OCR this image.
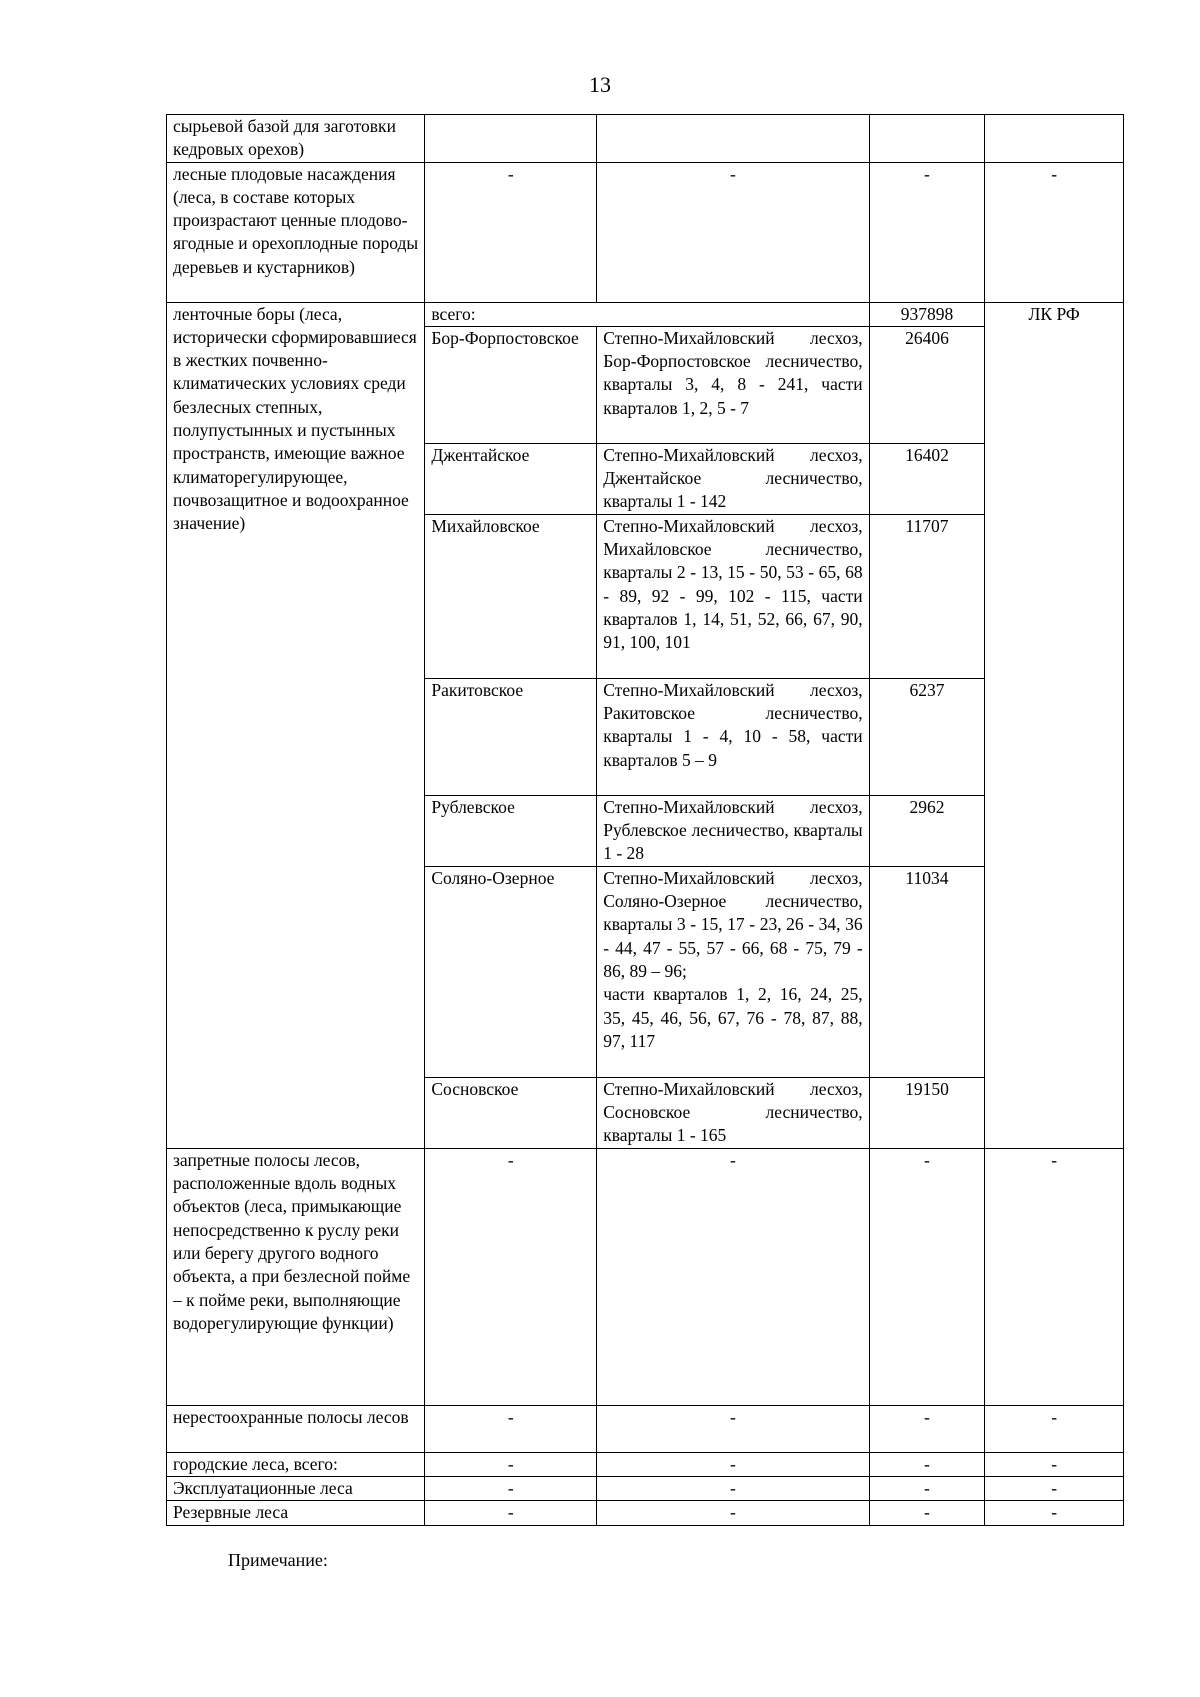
13
сырьевой базой для заготовки кедровых орехов)				
лесные плодовые насаждения (леса, в составе которых произрастают ценные плодово-ягодные и орехоплодные породы деревьев и кустарников)	-	-	-	-
ленточные боры (леса, исторически сформировавшиеся в жестких почвенно-климатических условиях среди безлесных степных, полупустынных и пустынных пространств, имеющие важное климаторегулирующее, почвозащитное и водоохранное значение)	всего:		937898	ЛК РФ
	Бор-Форпостовское	Степно-Михайловский лесхоз, Бор-Форпостовское лесничество, кварталы 3, 4, 8 - 241, части кварталов 1, 2, 5 - 7	26406	
	Джентайское	Степно-Михайловский лесхоз, Джентайское лесничество, кварталы 1 - 142	16402	
	Михайловское	Степно-Михайловский лесхоз, Михайловское лесничество, кварталы 2 - 13, 15 - 50, 53 - 65, 68 - 89, 92 - 99, 102 - 115, части кварталов 1, 14, 51, 52, 66, 67, 90, 91, 100, 101	11707	
	Ракитовское	Степно-Михайловский лесхоз, Ракитовское лесничество, кварталы 1 - 4, 10 - 58, части кварталов 5 – 9	6237	
	Рублевское	Степно-Михайловский лесхоз, Рублевское лесничество, кварталы 1 - 28	2962	
	Соляно-Озерное	Степно-Михайловский лесхоз, Соляно-Озерное лесничество, кварталы 3 - 15, 17 - 23, 26 - 34, 36 - 44, 47 - 55, 57 - 66, 68 - 75, 79 - 86, 89 – 96;
части кварталов 1, 2, 16, 24, 25, 35, 45, 46, 56, 67, 76 - 78, 87, 88, 97, 117	11034	
	Сосновское	Степно-Михайловский лесхоз, Сосновское лесничество, кварталы 1 - 165	19150	
запретные полосы лесов, расположенные вдоль водных объектов (леса, примыкающие непосредственно к руслу реки или берегу другого водного объекта, а при безлесной пойме – к пойме реки, выполняющие водорегулирующие функции)	-	-	-	-
нерестоохранные полосы лесов	-	-	-	-
городские леса, всего:	-	-	-	-
Эксплуатационные леса	-	-	-	-
Резервные леса	-	-	-	-
Примечание:
